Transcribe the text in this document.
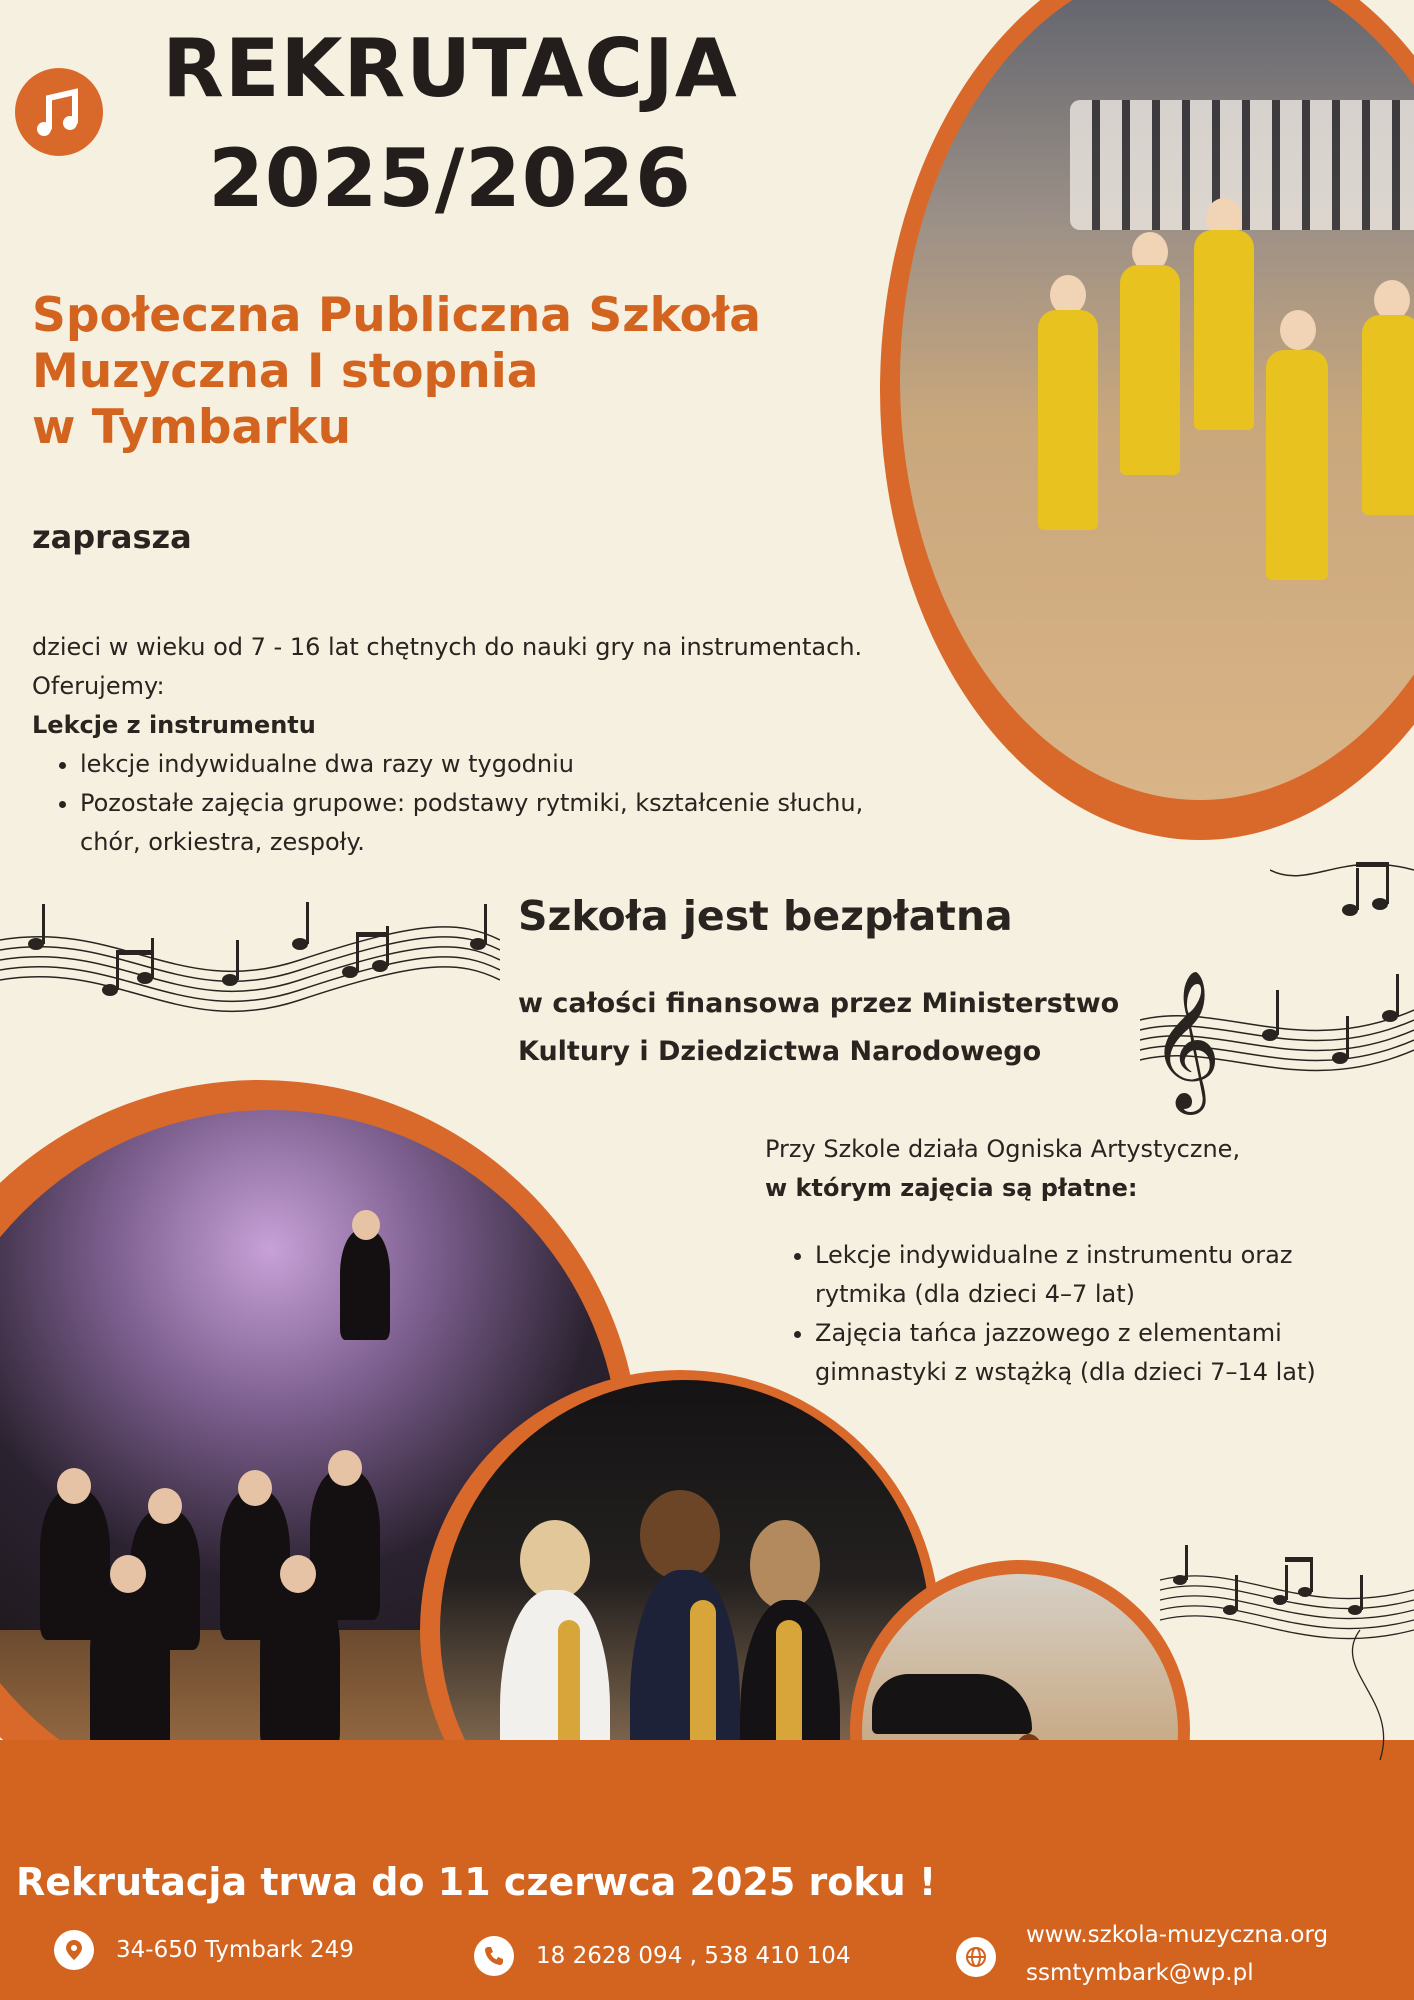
REKRUTACJA
2025/2026
Społeczna Publiczna Szkoła
Muzyczna I stopnia
w Tymbarku
zaprasza
dzieci w wieku od 7 - 16 lat chętnych do nauki gry na instrumentach.
Oferujemy:
Lekcje z instrumentu
• lekcje indywidualne dwa razy w tygodniu
• Pozostałe zajęcia grupowe: podstawy rytmiki, kształcenie słuchu,
chór, orkiestra, zespoły.
𝄞
Szkoła jest bezpłatna
w całości finansowa przez Ministerstwo
Kultury i Dziedzictwa Narodowego
Przy Szkole działa Ogniska Artystyczne,
w którym zajęcia są płatne:
• Lekcje indywidualne z instrumentu oraz
rytmika (dla dzieci 4–7 lat)
• Zajęcia tańca jazzowego z elementami
gimnastyki z wstążką (dla dzieci 7–14 lat)
Rekrutacja trwa do 11 czerwca 2025 roku !
34-650 Tymbark 249	18 2628 094 , 538 410 104
www.szkola-muzyczna.org
ssmtymbark@wp.pl
